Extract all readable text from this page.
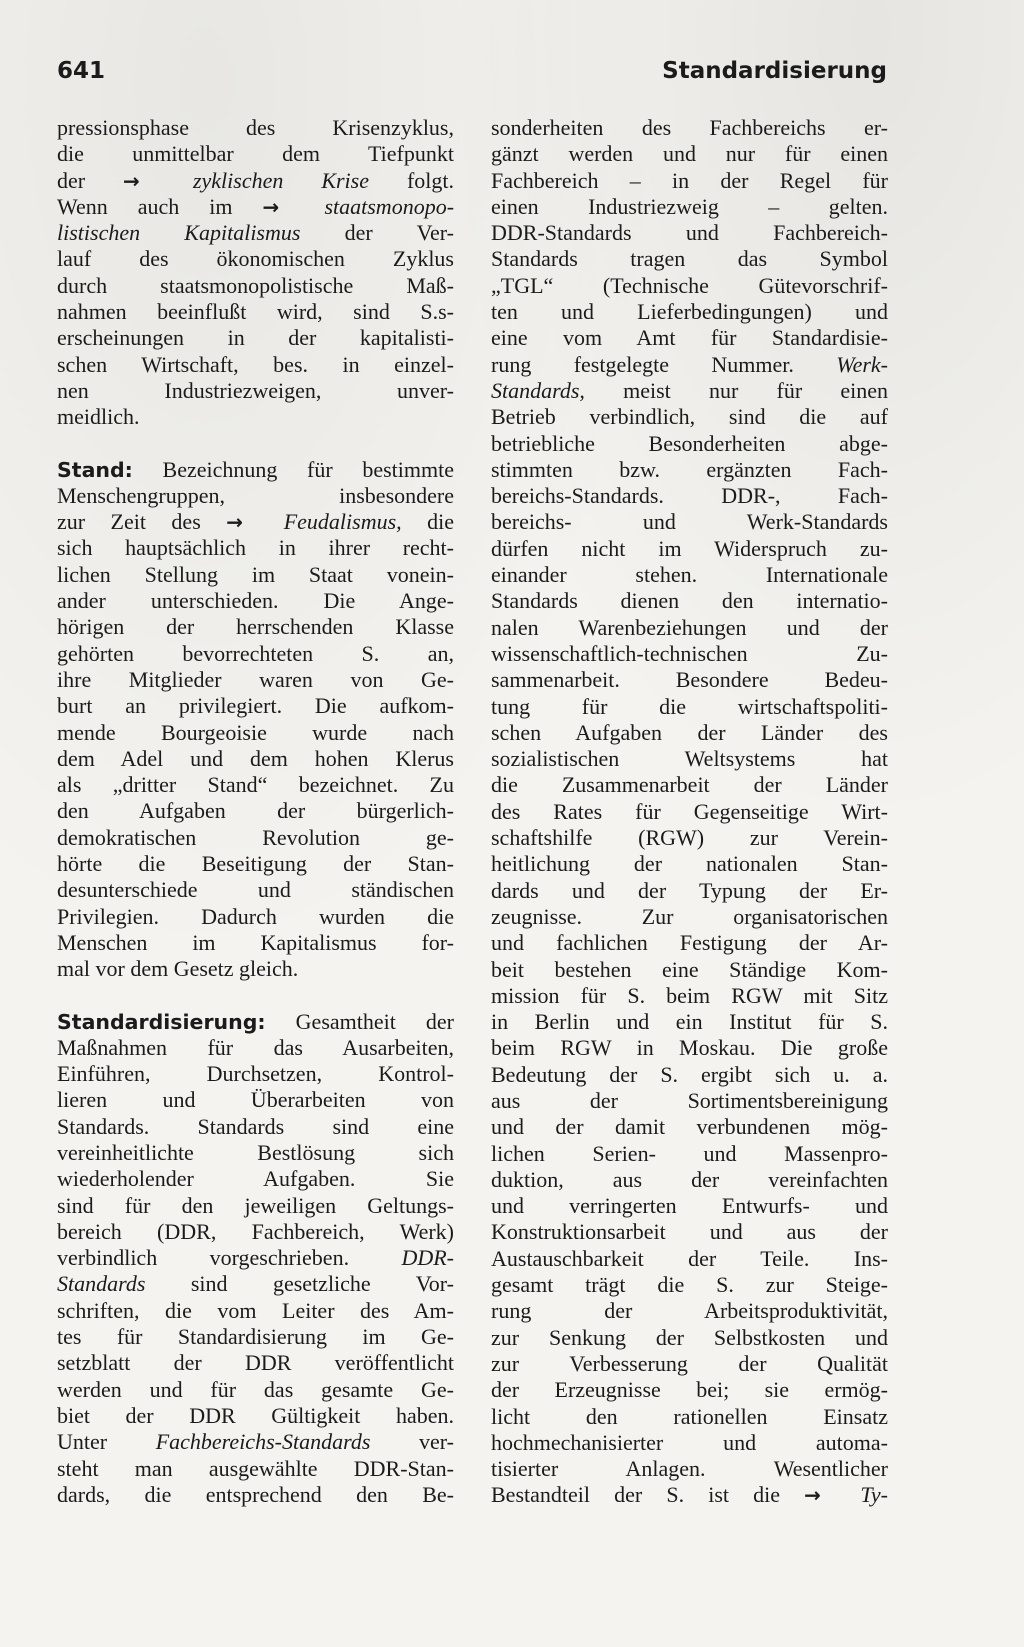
641	Standardisierung
pressionsphase des Krisenzyklus,
die unmittelbar dem Tiefpunkt
der → zyklischen Krise folgt.
Wenn auch im → staatsmonopo-
listischen Kapitalismus der Ver-
lauf des ökonomischen Zyklus
durch staatsmonopolistische Maß-
nahmen beeinflußt wird, sind S.s-
erscheinungen in der kapitalisti-
schen Wirtschaft, bes. in einzel-
nen Industriezweigen, unver-
meidlich.
Stand: Bezeichnung für bestimmte
Menschengruppen, insbesondere
zur Zeit des → Feudalismus, die
sich hauptsächlich in ihrer recht-
lichen Stellung im Staat vonein-
ander unterschieden. Die Ange-
hörigen der herrschenden Klasse
gehörten bevorrechteten S. an,
ihre Mitglieder waren von Ge-
burt an privilegiert. Die aufkom-
mende Bourgeoisie wurde nach
dem Adel und dem hohen Klerus
als „dritter Stand“ bezeichnet. Zu
den Aufgaben der bürgerlich-
demokratischen Revolution ge-
hörte die Beseitigung der Stan-
desunterschiede und ständischen
Privilegien. Dadurch wurden die
Menschen im Kapitalismus for-
mal vor dem Gesetz gleich.
Standardisierung: Gesamtheit der
Maßnahmen für das Ausarbeiten,
Einführen, Durchsetzen, Kontrol-
lieren und Überarbeiten von
Standards. Standards sind eine
vereinheitlichte Bestlösung sich
wiederholender Aufgaben. Sie
sind für den jeweiligen Geltungs-
bereich (DDR, Fachbereich, Werk)
verbindlich vorgeschrieben. DDR-
Standards sind gesetzliche Vor-
schriften, die vom Leiter des Am-
tes für Standardisierung im Ge-
setzblatt der DDR veröffentlicht
werden und für das gesamte Ge-
biet der DDR Gültigkeit haben.
Unter Fachbereichs-Standards ver-
steht man ausgewählte DDR-Stan-
dards, die entsprechend den Be-
sonderheiten des Fachbereichs er-
gänzt werden und nur für einen
Fachbereich – in der Regel für
einen Industriezweig – gelten.
DDR-Standards und Fachbereich-
Standards tragen das Symbol
„TGL“ (Technische Gütevorschrif-
ten und Lieferbedingungen) und
eine vom Amt für Standardisie-
rung festgelegte Nummer. Werk-
Standards, meist nur für einen
Betrieb verbindlich, sind die auf
betriebliche Besonderheiten abge-
stimmten bzw. ergänzten Fach-
bereichs-Standards. DDR-, Fach-
bereichs- und Werk-Standards
dürfen nicht im Widerspruch zu-
einander stehen. Internationale
Standards dienen den internatio-
nalen Warenbeziehungen und der
wissenschaftlich-technischen Zu-
sammenarbeit. Besondere Bedeu-
tung für die wirtschaftspoliti-
schen Aufgaben der Länder des
sozialistischen Weltsystems hat
die Zusammenarbeit der Länder
des Rates für Gegenseitige Wirt-
schaftshilfe (RGW) zur Verein-
heitlichung der nationalen Stan-
dards und der Typung der Er-
zeugnisse. Zur organisatorischen
und fachlichen Festigung der Ar-
beit bestehen eine Ständige Kom-
mission für S. beim RGW mit Sitz
in Berlin und ein Institut für S.
beim RGW in Moskau. Die große
Bedeutung der S. ergibt sich u. a.
aus der Sortimentsbereinigung
und der damit verbundenen mög-
lichen Serien- und Massenpro-
duktion, aus der vereinfachten
und verringerten Entwurfs- und
Konstruktionsarbeit und aus der
Austauschbarkeit der Teile. Ins-
gesamt trägt die S. zur Steige-
rung der Arbeitsproduktivität,
zur Senkung der Selbstkosten und
zur Verbesserung der Qualität
der Erzeugnisse bei; sie ermög-
licht den rationellen Einsatz
hochmechanisierter und automa-
tisierter Anlagen. Wesentlicher
Bestandteil der S. ist die → Ty-
